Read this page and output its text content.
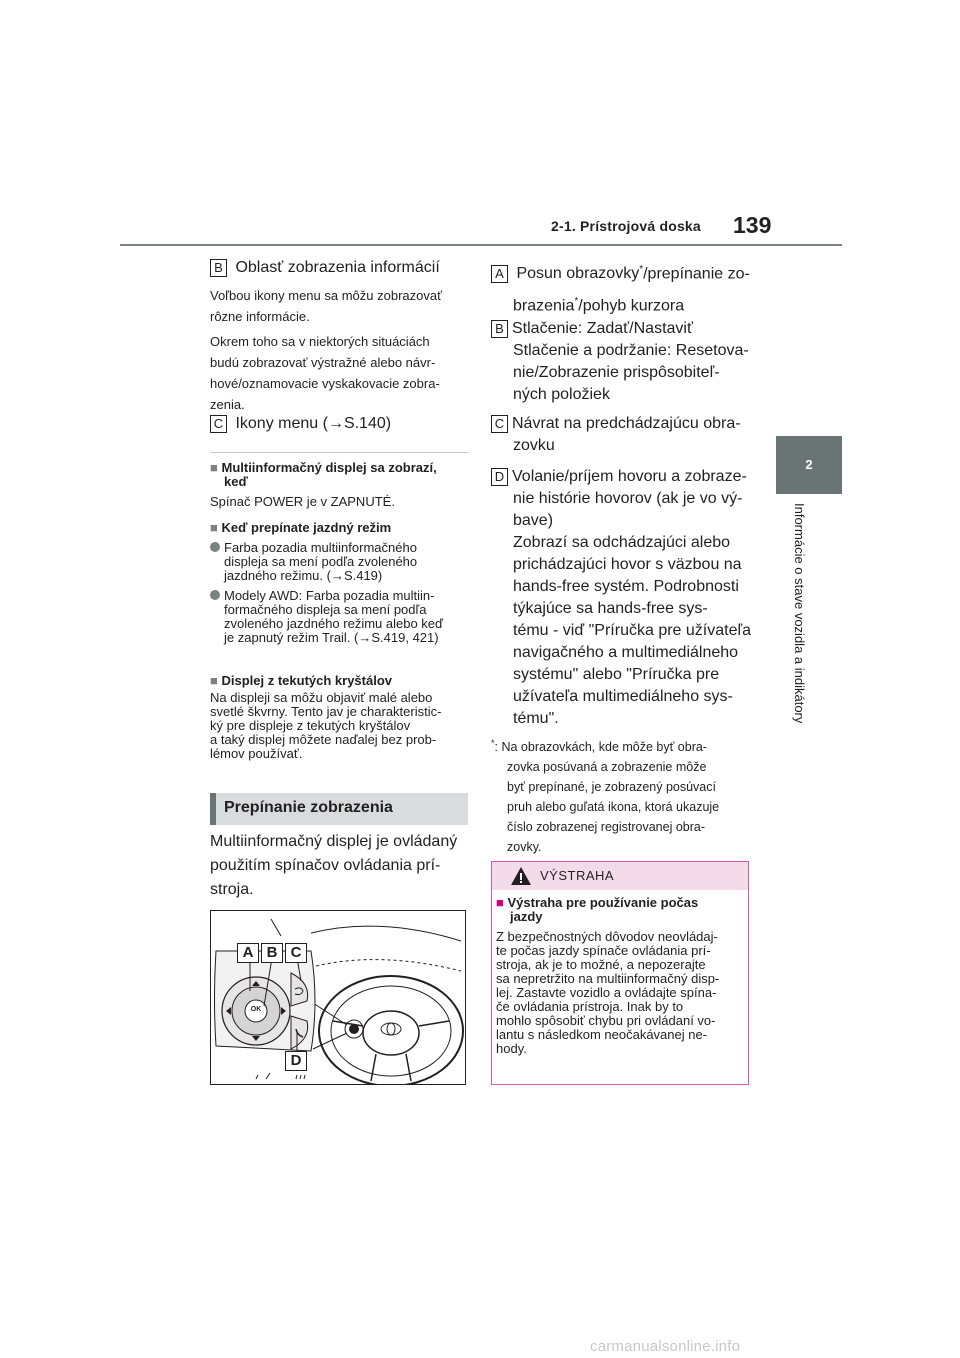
2-1. Prístrojová doska 139
2
Informácie o stave vozidla a indikátory
B Oblasť zobrazenia informácií
Voľbou ikony menu sa môžu zobrazovať
rôzne informácie.
Okrem toho sa v niektorých situáciách
budú zobrazovať výstražné alebo návr-
hové/oznamovacie vyskakovacie zobra-
zenia.
C Ikony menu (→S.140)
■ Multiinformačný displej sa zobrazí,
keď
Spínač POWER je v ZAPNUTÉ.
■ Keď prepínate jazdný režim
Farba pozadia multiinformačného
displeja sa mení podľa zvoleného
jazdného režimu. (→S.419)
Modely AWD: Farba pozadia multiin-
formačného displeja sa mení podľa
zvoleného jazdného režimu alebo keď
je zapnutý režim Trail. (→S.419, 421)
■ Displej z tekutých kryštálov
Na displeji sa môžu objaviť malé alebo
svetlé škvrny. Tento jav je charakteristic-
ký pre displeje z tekutých kryštálov
a taký displej môžete naďalej bez prob-
lémov používať.
Prepínanie zobrazenia
Multiinformačný displej je ovládaný
použitím spínačov ovládania prí-
stroja.
A B C
D
OK
A Posun obrazovky*/prepínanie zo-
brazenia*/pohyb kurzora
B Stlačenie: Zadať/Nastaviť
Stlačenie a podržanie: Resetova-
nie/Zobrazenie prispôsobiteľ-
ných položiek
C Návrat na predchádzajúcu obra-
zovku
D Volanie/príjem hovoru a zobraze-
nie histórie hovorov (ak je vo vý-
bave)
Zobrazí sa odchádzajúci alebo
prichádzajúci hovor s väzbou na
hands-free systém. Podrobnosti
týkajúce sa hands-free sys-
tému - viď "Príručka pre užívateľa
navigačného a multimediálneho
systému" alebo "Príručka pre
užívateľa multimediálneho sys-
tému".
*: Na obrazovkách, kde môže byť obra-
zovka posúvaná a zobrazenie môže
byť prepínané, je zobrazený posúvací
pruh alebo guľatá ikona, ktorá ukazuje
číslo zobrazenej registrovanej obra-
zovky.
VÝSTRAHA
■ Výstraha pre používanie počas
jazdy
Z bezpečnostných dôvodov neovládaj-
te počas jazdy spínače ovládania prí-
stroja, ak je to možné, a nepozerajte
sa nepretržito na multiinformačný disp-
lej. Zastavte vozidlo a ovládajte spína-
če ovládania prístroja. Inak by to
mohlo spôsobiť chybu pri ovládaní vo-
lantu s následkom neočakávanej ne-
hody.
carmanualsonline.info
